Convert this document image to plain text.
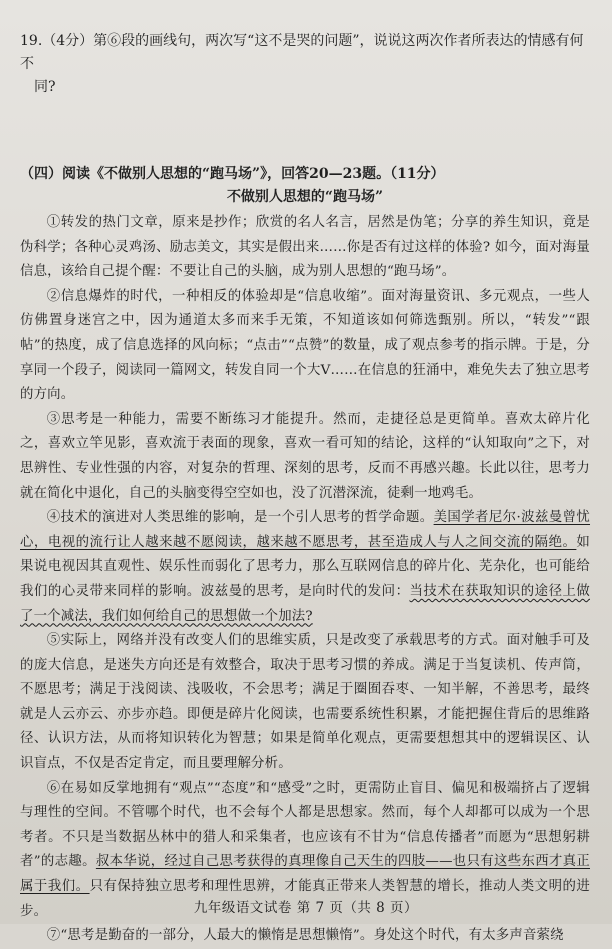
19.（4分）第⑥段的画线句，两次写“这不是哭的问题”，说说这两次作者所表达的情感有何不
同?

（四）阅读《不做别人思想的“跑马场”》，回答20—23题。（11分）

不做别人思想的“跑马场”

①转发的热门文章，原来是抄作；欣赏的名人名言，居然是伪笔；分享的养生知识，竟是伪科学；各种心灵鸡汤、励志美文，其实是假出来……你是否有过这样的体验? 如今，面对海量信息，该给自己提个醒：不要让自己的头脑，成为别人思想的“跑马场”。

②信息爆炸的时代，一种相反的体验却是“信息收缩”。面对海量资讯、多元观点，一些人仿佛置身迷宫之中，因为通道太多而来手无策，不知道该如何筛选甄别。所以，“转发”“跟帖”的热度，成了信息选择的风向标；“点击”“点赞”的数量，成了观点参考的指示牌。于是，分享同一个段子，阅读同一篇网文，转发自同一个大V……在信息的狂涌中，难免失去了独立思考的方向。

③思考是一种能力，需要不断练习才能提升。然而，走捷径总是更简单。喜欢太碎片化之，喜欢立竿见影，喜欢流于表面的现象，喜欢一看可知的结论，这样的“认知取向”之下，对思辨性、专业性强的内容，对复杂的哲理、深刻的思考，反而不再感兴趣。长此以往，思考力就在简化中退化，自己的头脑变得空空如也，没了沉潜深流，徒剩一地鸡毛。

④技术的演进对人类思维的影响，是一个引人思考的哲学命题。美国学者尼尔·波兹曼曾忧心，电视的流行让人越来越不愿阅读，越来越不愿思考，甚至造成人与人之间交流的隔绝。如果说电视因其直观性、娱乐性而弱化了思考力，那么互联网信息的碎片化、芜杂化，也可能给我们的心灵带来同样的影响。波兹曼的思考，是向时代的发问：当技术在获取知识的途径上做了一个减法，我们如何给自己的思想做一个加法?

⑤实际上，网络并没有改变人们的思维实质，只是改变了承载思考的方式。面对触手可及的庞大信息，是迷失方向还是有效整合，取决于思考习惯的养成。满足于当复读机、传声筒，不愿思考；满足于浅阅读、浅吸收，不会思考；满足于圈囿吞枣、一知半解，不善思考，最终就是人云亦云、亦步亦趋。即便是碎片化阅读，也需要系统性积累，才能把握住背后的思维路径、认识方法，从而将知识转化为智慧；如果是简单化观点，更需要想想其中的逻辑误区、认识盲点，不仅是否定肯定，而且要理解分析。

⑥在易如反掌地拥有“观点”“态度”和“感受”之时，更需防止盲目、偏见和极端挤占了逻辑与理性的空间。不管哪个时代，也不会每个人都是思想家。然而，每个人却都可以成为一个思考者。不只是当数据丛林中的猎人和采集者，也应该有不甘为“信息传播者”而愿为“思想躬耕者”的志趣。叔本华说，经过自己思考获得的真理像自己天生的四肢——也只有这些东西才真正属于我们。只有保持独立思考和理性思辨，才能真正带来人类智慧的增长，推动人类文明的进步。

⑦“思考是勤奋的一部分，人最大的懒惰是思想懒惰”。身处这个时代，有太多声音萦绕

九年级语文试卷 第 7 页（共 8 页）
